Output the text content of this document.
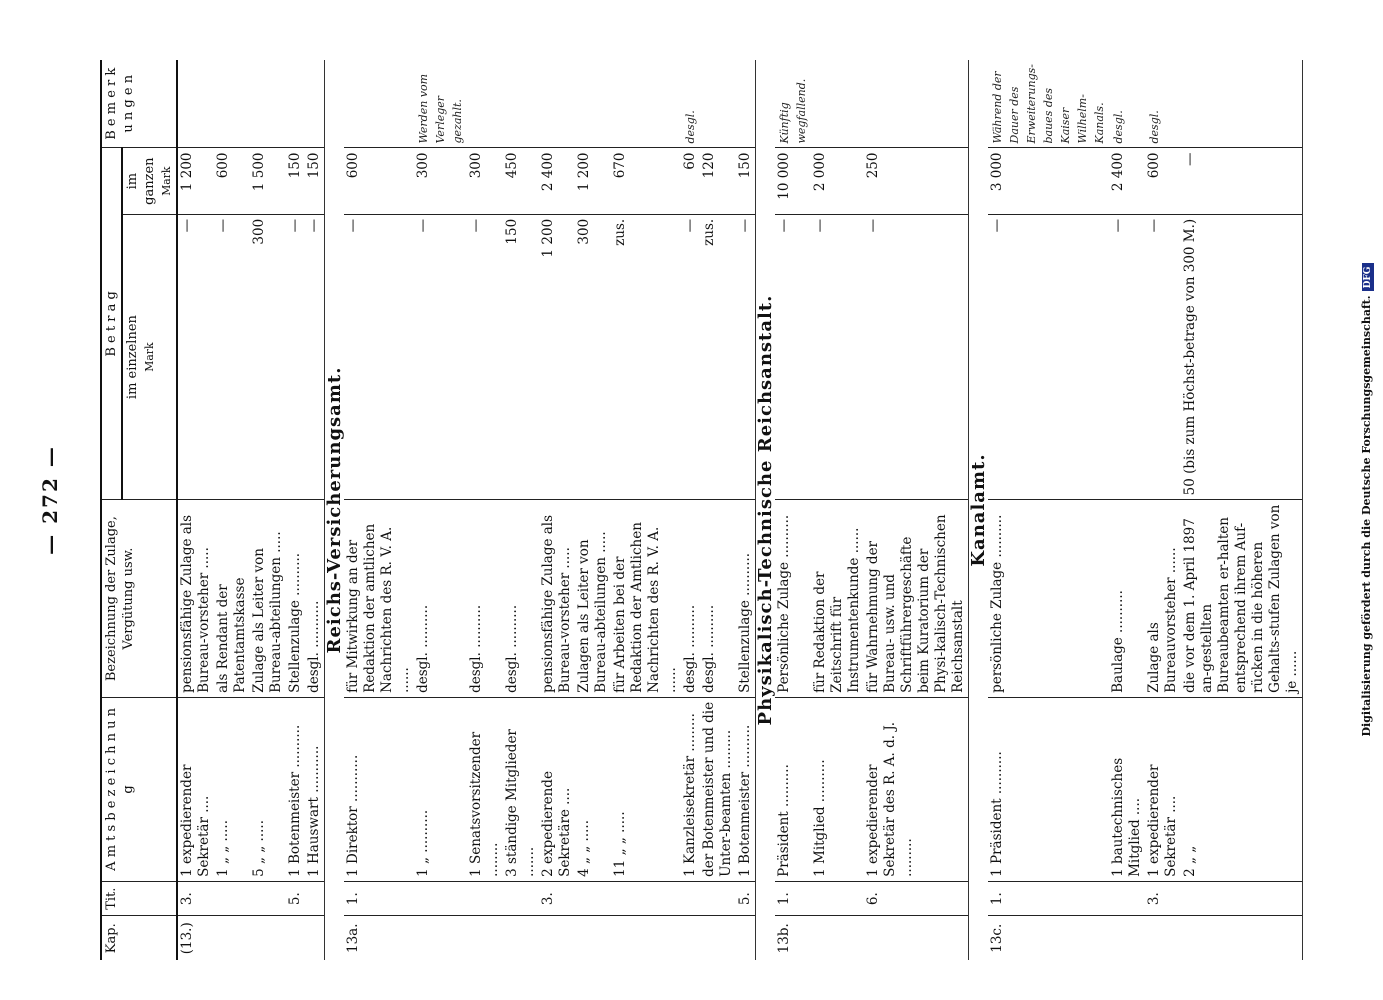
— 272 —
Kap.	Tit.	A m t s b e z e i c h n u n g	Bezeichnung der Zulage, Vergütung usw.	B e t r a g		B e m e r k u n g e n
				im einzelnen Mark	im ganzen Mark	
(13.)	3.	1 expedierender Sekretär ....	pensionsfähige Zulage als Bureau-vorsteher .....	—	1 200	
		1 „ „ .....	als Rendant der Patentamtskasse	—	600	
		5 „ „ .....	Zulage als Leiter von Bureau-abteilungen .....	300	1 500	
	5.	1 Botenmeister ..........	Stellenzulage ..........	—	150	
		1 Hauswart ...........	desgl. ...........	—	150	
Reichs-Versicherungsamt.						
13a.	1.	1 Direktor ...........	für Mitwirkung an der Redaktion der amtlichen Nachrichten des R. V. A. ......	—	600	
		1 „ ..........	desgl. ..........	—	300	Werden vom Verleger gezahlt.
		1 Senatsvorsitzender ........	desgl. ..........	—	300	
		3 ständige Mitglieder .......	desgl. ..........	150	450	
	3.	2 expedierende Sekretäre ....	pensionsfähige Zulage als Bureau-vorsteher .....	1 200	2 400	
		4 „ „ .....	Zulagen als Leiter von Bureau-abteilungen .....	300	1 200	
		11 „ „ .....	für Arbeiten bei der Redaktion der Amtlichen Nachrichten des R. V. A. ......	zus.	670	
		1 Kanzleisekretär .........	desgl. ..........	—	60	desgl.
		der Botenmeister und die Unter-beamten .........	desgl. ..........	zus.	120	
	5.	1 Botenmeister ..........	Stellenzulage ..........	—	150	
Physikalisch-Technische Reichsanstalt.						
13b.	1.	Präsident ..........	Persönliche Zulage ..........	—	10 000	Künftig wegfallend.
		1 Mitglied ..........	für Redaktion der Zeitschrift für Instrumentenkunde ......	—	2 000	
	6.	1 expedierender Sekretär des R. A. d. J. .........	für Wahrnehmung der Bureau- usw. und Schriftführergeschäfte beim Kuratorium der Physi-kalisch-Technischen Reichsanstalt	—	250	
Kanalamt.						
13c.	1.	1 Präsident ..........	persönliche Zulage ..........	—	3 000	Während der Dauer des Erweiterungs-baues des Kaiser Wilhelm-Kanals.
		1 bautechnisches Mitglied ....	Baulage ..........	—	2 400	desgl.
	3.	1 expedierender Sekretär ....	Zulage als Bureauvorsteher ......	—	600	desgl.
		2 „ „	die vor dem 1. April 1897 an-gestellten Bureaubeamten er-halten entsprechend ihrem Auf-rücken in die höheren Gehalts-stufen Zulagen von je ......	50 (bis zum Höchst-betrage von 300 M.)	—	
Digitalisierung gefördert durch die Deutsche Forschungsgemeinschaft.DFG
